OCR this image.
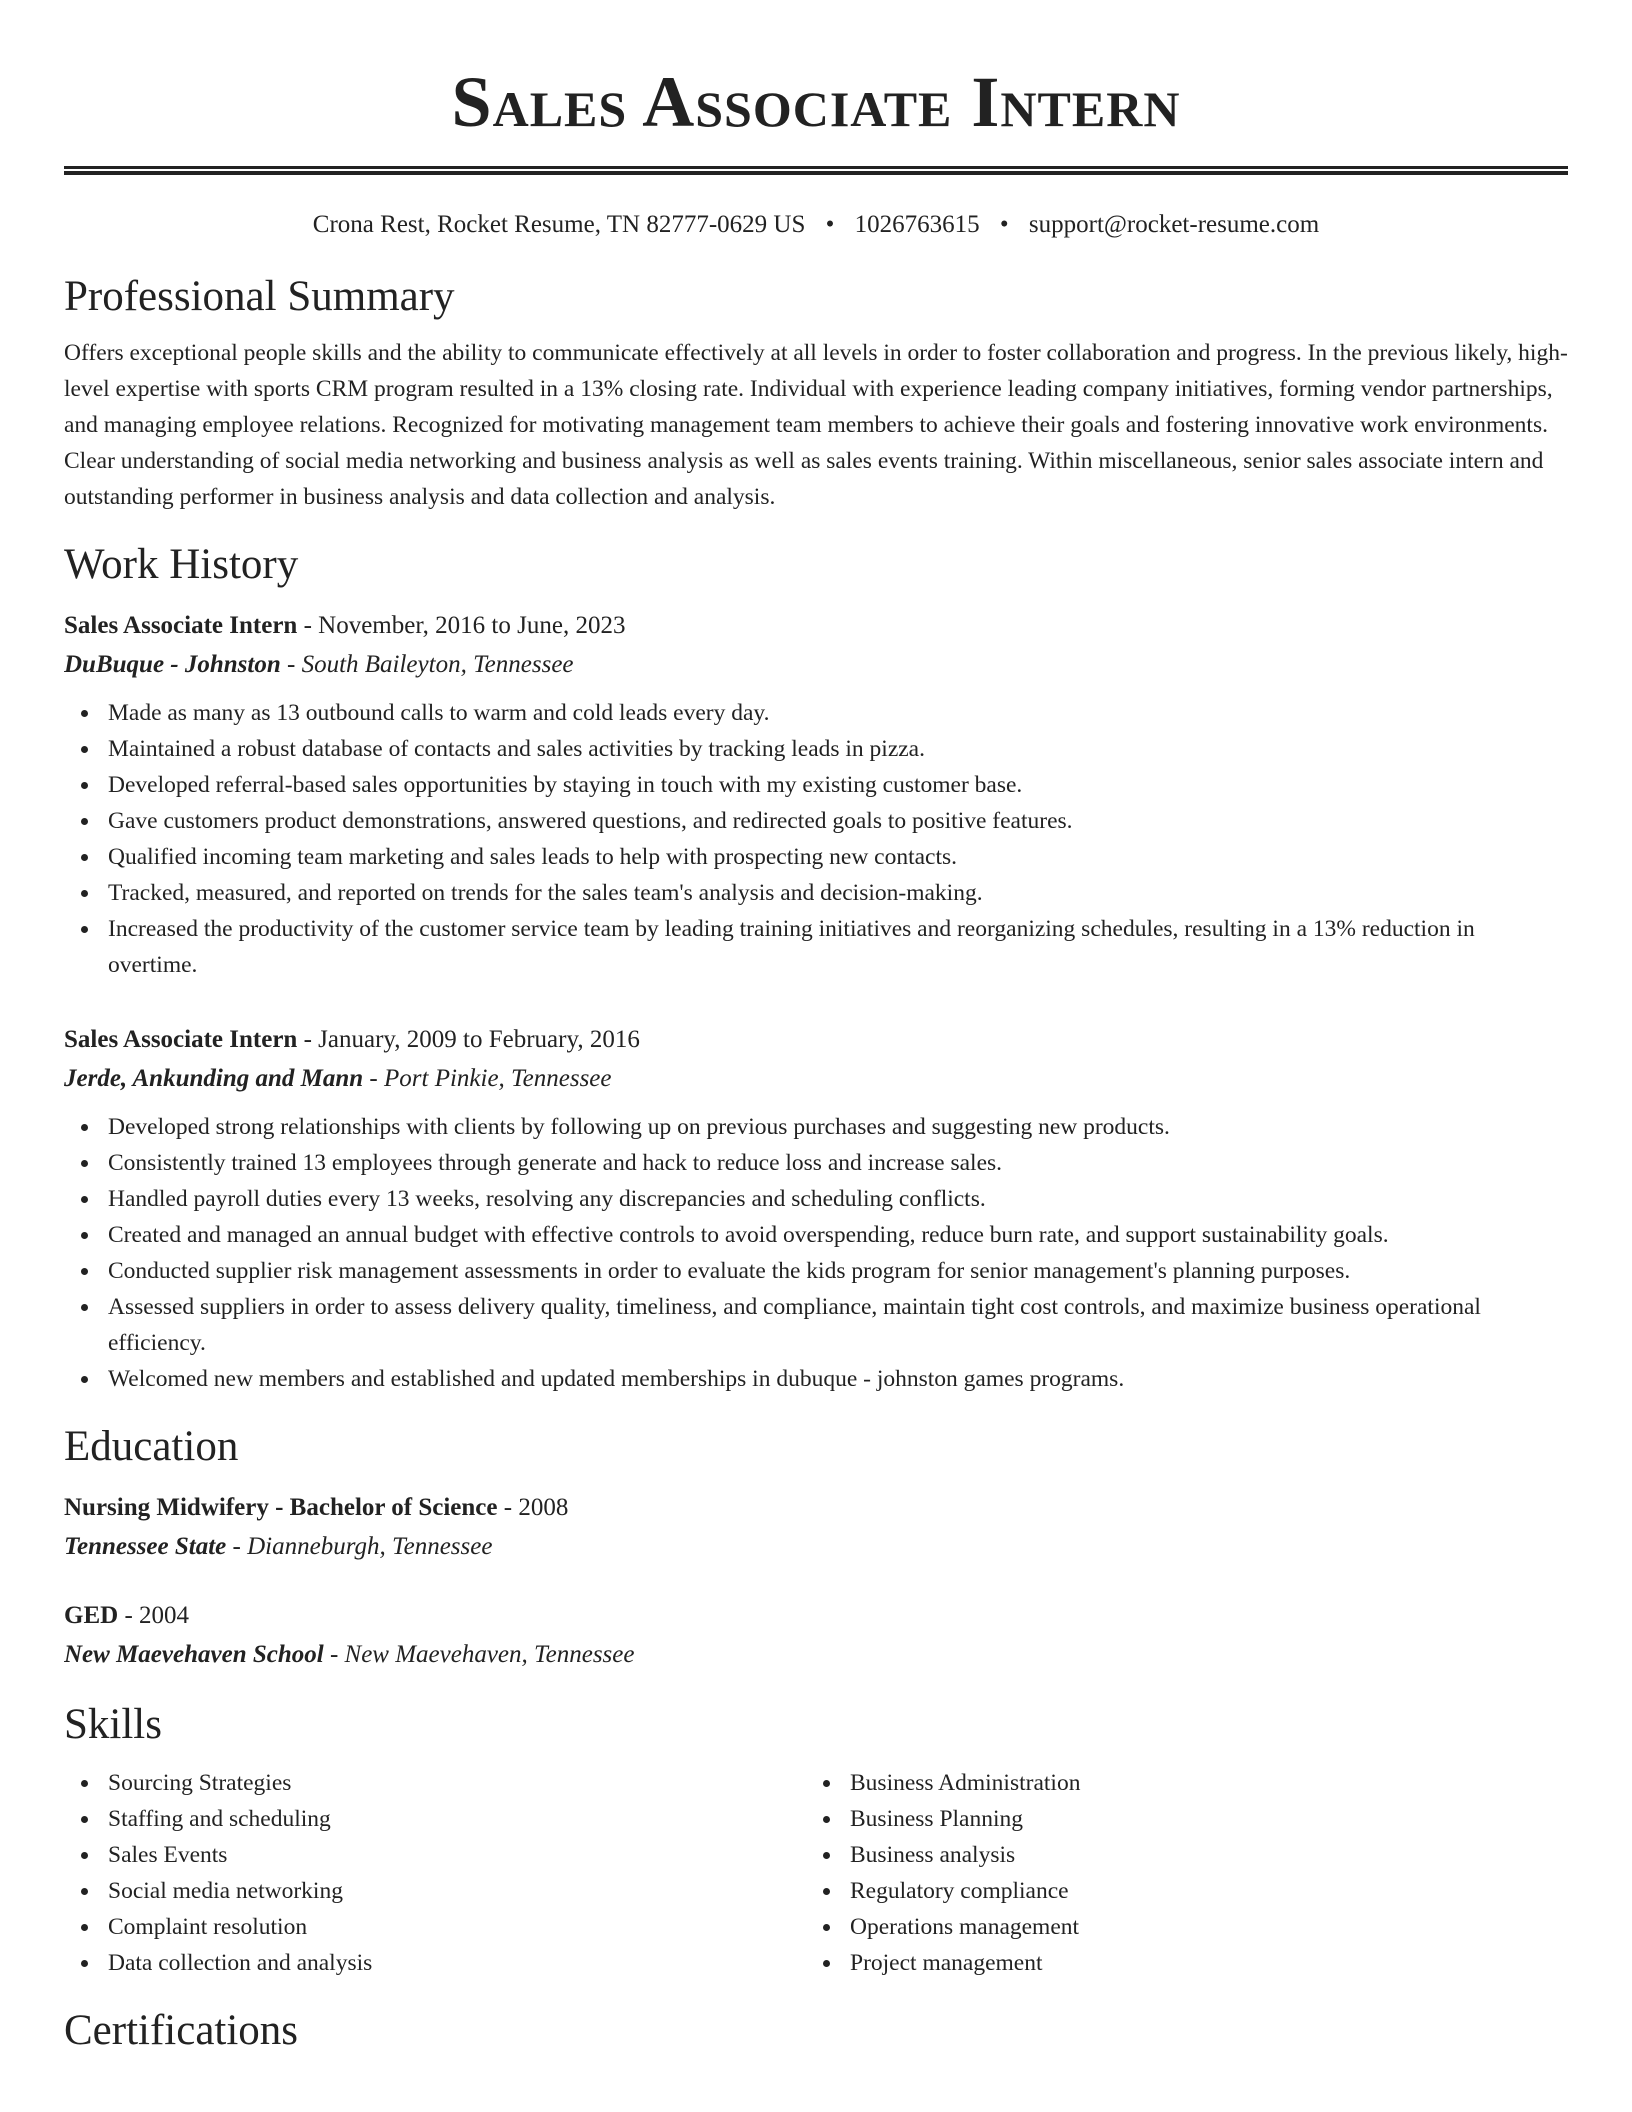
Sales Associate Intern
Crona Rest, Rocket Resume, TN 82777-0629 US • 1026763615 • support@rocket-resume.com
Professional Summary

Offers exceptional people skills and the ability to communicate effectively at all levels in order to foster collaboration and progress. In the previous likely, high-level expertise with sports CRM program resulted in a 13% closing rate. Individual with experience leading company initiatives, forming vendor partnerships, and managing employee relations. Recognized for motivating management team members to achieve their goals and fostering innovative work environments. Clear understanding of social media networking and business analysis as well as sales events training. Within miscellaneous, senior sales associate intern and outstanding performer in business analysis and data collection and analysis.

Work History
Sales Associate Intern - November, 2016 to June, 2023
DuBuque - Johnston - South Baileyton, Tennessee
Made as many as 13 outbound calls to warm and cold leads every day.
Maintained a robust database of contacts and sales activities by tracking leads in pizza.
Developed referral-based sales opportunities by staying in touch with my existing customer base.
Gave customers product demonstrations, answered questions, and redirected goals to positive features.
Qualified incoming team marketing and sales leads to help with prospecting new contacts.
Tracked, measured, and reported on trends for the sales team's analysis and decision-making.
Increased the productivity of the customer service team by leading training initiatives and reorganizing schedules, resulting in a 13% reduction in overtime.
Sales Associate Intern - January, 2009 to February, 2016
Jerde, Ankunding and Mann - Port Pinkie, Tennessee
Developed strong relationships with clients by following up on previous purchases and suggesting new products.
Consistently trained 13 employees through generate and hack to reduce loss and increase sales.
Handled payroll duties every 13 weeks, resolving any discrepancies and scheduling conflicts.
Created and managed an annual budget with effective controls to avoid overspending, reduce burn rate, and support sustainability goals.
Conducted supplier risk management assessments in order to evaluate the kids program for senior management's planning purposes.
Assessed suppliers in order to assess delivery quality, timeliness, and compliance, maintain tight cost controls, and maximize business operational efficiency.
Welcomed new members and established and updated memberships in dubuque - johnston games programs.
Education
Nursing Midwifery - Bachelor of Science - 2008
Tennessee State - Dianneburgh, Tennessee
GED - 2004
New Maevehaven School - New Maevehaven, Tennessee
Skills
Sourcing Strategies
Staffing and scheduling
Sales Events
Social media networking
Complaint resolution
Data collection and analysis
Business Administration
Business Planning
Business analysis
Regulatory compliance
Operations management
Project management
Certifications
